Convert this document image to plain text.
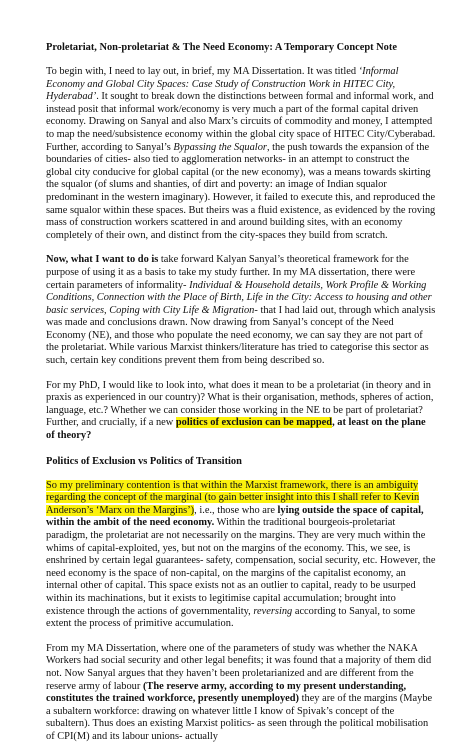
Proletariat, Non-proletariat & The Need Economy: A Temporary Concept Note

To begin with, I need to lay out, in brief, my MA Dissertation. It was titled ‘Informal Economy and Global City Spaces: Case Study of Construction Work in HITEC City, Hyderabad’. It sought to break down the distinctions between formal and informal work, and instead posit that informal work/economy is very much a part of the formal capital driven economy. Drawing on Sanyal and also Marx’s circuits of commodity and money, I attempted to map the need/subsistence economy within the global city space of HITEC City/Cyberabad. Further, according to Sanyal’s Bypassing the Squalor, the push towards the expansion of the boundaries of cities- also tied to agglomeration networks- in an attempt to construct the global city conducive for global capital (or the new economy), was a means towards skirting the squalor (of slums and shanties, of dirt and poverty: an image of Indian squalor predominant in the western imaginary). However, it failed to execute this, and reproduced the same squalor within these spaces. But theirs was a fluid existence, as evidenced by the roving mass of construction workers scattered in and around building sites, with an economy completely of their own, and distinct from the city-spaces they build from scratch.

Now, what I want to do is take forward Kalyan Sanyal’s theoretical framework for the purpose of using it as a basis to take my study further. In my MA dissertation, there were certain parameters of informality- Individual & Household details, Work Profile & Working Conditions, Connection with the Place of Birth, Life in the City: Access to housing and other basic services, Coping with City Life & Migration- that I had laid out, through which analysis was made and conclusions drawn. Now drawing from Sanyal’s concept of the Need Economy (NE), and those who populate the need economy, we can say they are not part of the proletariat. While various Marxist thinkers/literature has tried to categorise this sector as such, certain key conditions prevent them from being described so.

For my PhD, I would like to look into, what does it mean to be a proletariat (in theory and in praxis as experienced in our country)? What is their organisation, methods, spheres of action, language, etc.? Whether we can consider those working in the NE to be part of proletariat? Further, and crucially, if a new politics of exclusion can be mapped, at least on the plane of theory?

Politics of Exclusion vs Politics of Transition

So my preliminary contention is that within the Marxist framework, there is an ambiguity regarding the concept of the marginal (to gain better insight into this I shall refer to Kevin Anderson’s ‘Marx on the Margins’), i.e., those who are lying outside the space of capital, within the ambit of the need economy. Within the traditional bourgeois-proletariat paradigm, the proletariat are not necessarily on the margins. They are very much within the whims of capital-exploited, yes, but not on the margins of the economy. This, we see, is enshrined by certain legal guarantees- safety, compensation, social security, etc. However, the need economy is the space of non-capital, on the margins of the capitalist economy, an internal other of capital. This space exists not as an outlier to capital, ready to be usurped within its machinations, but it exists to legitimise capital accumulation; brought into existence through the actions of governmentality, reversing according to Sanyal, to some extent the process of primitive accumulation.

From my MA Dissertation, where one of the parameters of study was whether the NAKA Workers had social security and other legal benefits; it was found that a majority of them did not. Now Sanyal argues that they haven’t been proletarianized and are different from the reserve army of labour (The reserve army, according to my present understanding, constitutes the trained workforce, presently unemployed) they are of the margins (Maybe a subaltern workforce: drawing on whatever little I know of Spivak’s concept of the subaltern). Thus does an existing Marxist politics- as seen through the political mobilisation of CPI(M) and its labour unions- actually
